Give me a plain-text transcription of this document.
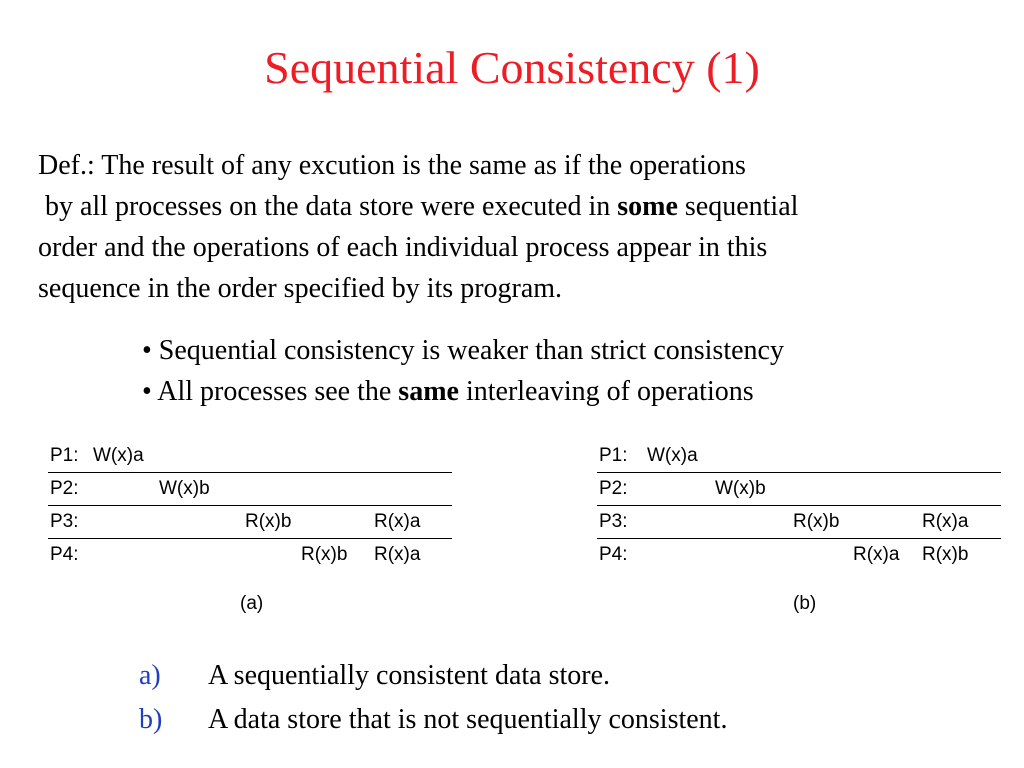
Sequential Consistency (1)
Def.: The result of any excution is the same as if the operations
by all processes on the data store were executed in some sequential
order and the operations of each individual process appear in this
sequence in the order specified by its program.
• Sequential consistency is weaker than strict consistency
• All processes see the same interleaving of operations
P1: W(x)a
P2:	W(x)b
P3:	R(x)b	R(x)a
P4:	R(x)b R(x)a
(a)
P1: W(x)a
P2:	W(x)b
P3:	R(x)b	R(x)a
P4:	R(x)a R(x)b
(b)
a) A sequentially consistent data store.
b) A data store that is not sequentially consistent.
